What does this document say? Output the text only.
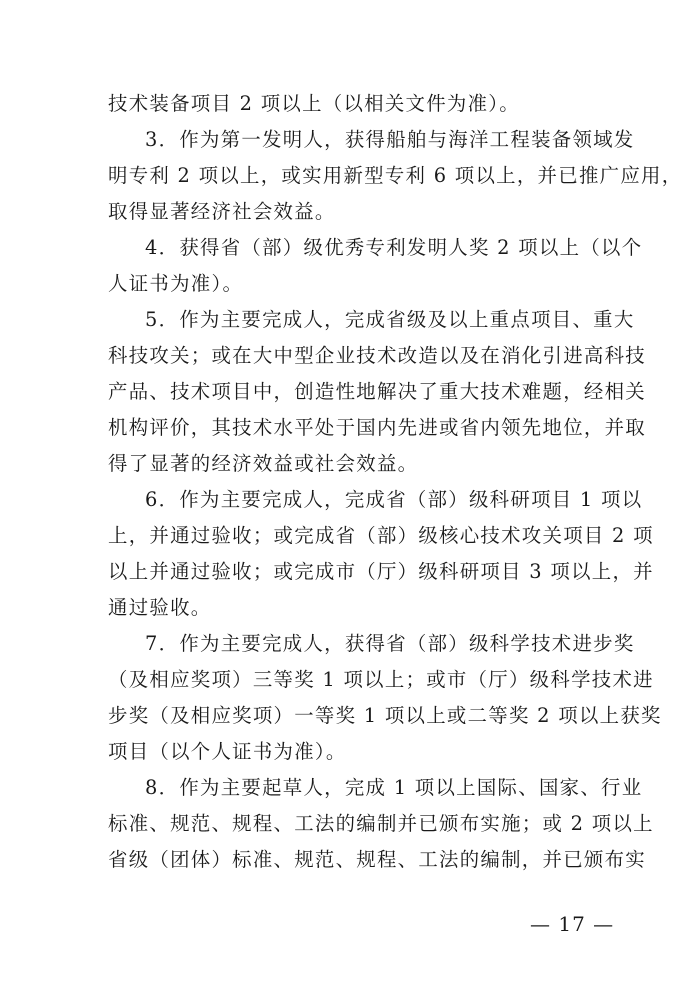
技术装备项目 2 项以上（以相关文件为准）。

3．作为第一发明人，获得船舶与海洋工程装备领域发
明专利 2 项以上，或实用新型专利 6 项以上，并已推广应用，
取得显著经济社会效益。

4．获得省（部）级优秀专利发明人奖 2 项以上（以个
人证书为准）。

5．作为主要完成人，完成省级及以上重点项目、重大
科技攻关；或在大中型企业技术改造以及在消化引进高科技
产品、技术项目中，创造性地解决了重大技术难题，经相关
机构评价，其技术水平处于国内先进或省内领先地位，并取
得了显著的经济效益或社会效益。

6．作为主要完成人，完成省（部）级科研项目 1 项以
上，并通过验收；或完成省（部）级核心技术攻关项目 2 项
以上并通过验收；或完成市（厅）级科研项目 3 项以上，并
通过验收。

7．作为主要完成人，获得省（部）级科学技术进步奖
（及相应奖项）三等奖 1 项以上；或市（厅）级科学技术进
步奖（及相应奖项）一等奖 1 项以上或二等奖 2 项以上获奖
项目（以个人证书为准）。

8．作为主要起草人，完成 1 项以上国际、国家、行业
标准、规范、规程、工法的编制并已颁布实施；或 2 项以上
省级（团体）标准、规范、规程、工法的编制，并已颁布实

— 17 —
